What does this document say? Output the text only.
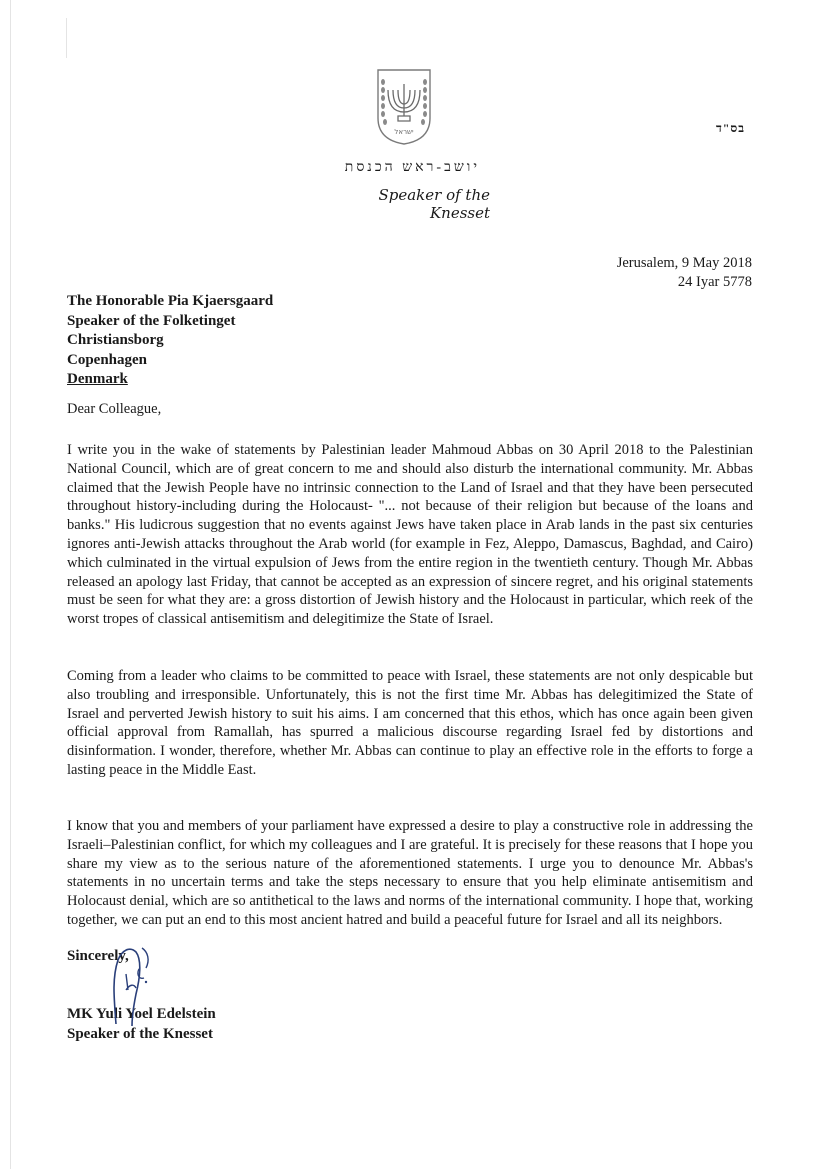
ישראל	בס"ד
יושב-ראש הכנסת
Speaker of the Knesset
Jerusalem, 9 May 2018
24 Iyar 5778
The Honorable Pia Kjaersgaard
Speaker of the Folketinget
Christiansborg
Copenhagen
Denmark
Dear Colleague,

I write you in the wake of statements by Palestinian leader Mahmoud Abbas on 30 April 2018 to the Palestinian National Council, which are of great concern to me and should also disturb the international community. Mr. Abbas claimed that the Jewish People have no intrinsic connection to the Land of Israel and that they have been persecuted throughout history-including during the Holocaust- "... not because of their religion but because of the loans and banks." His ludicrous suggestion that no events against Jews have taken place in Arab lands in the past six centuries ignores anti-Jewish attacks throughout the Arab world (for example in Fez, Aleppo, Damascus, Baghdad, and Cairo) which culminated in the virtual expulsion of Jews from the entire region in the twentieth century. Though Mr. Abbas released an apology last Friday, that cannot be accepted as an expression of sincere regret, and his original statements must be seen for what they are: a gross distortion of Jewish history and the Holocaust in particular, which reek of the worst tropes of classical antisemitism and delegitimize the State of Israel.

Coming from a leader who claims to be committed to peace with Israel, these statements are not only despicable but also troubling and irresponsible. Unfortunately, this is not the first time Mr. Abbas has delegitimized the State of Israel and perverted Jewish history to suit his aims. I am concerned that this ethos, which has once again been given official approval from Ramallah, has spurred a malicious discourse regarding Israel fed by distortions and disinformation. I wonder, therefore, whether Mr. Abbas can continue to play an effective role in the efforts to forge a lasting peace in the Middle East.

I know that you and members of your parliament have expressed a desire to play a constructive role in addressing the Israeli–Palestinian conflict, for which my colleagues and I are grateful. It is precisely for these reasons that I hope you share my view as to the serious nature of the aforementioned statements. I urge you to denounce Mr. Abbas's statements in no uncertain terms and take the steps necessary to ensure that you help eliminate antisemitism and Holocaust denial, which are so antithetical to the laws and norms of the international community. I hope that, working together, we can put an end to this most ancient hatred and build a peaceful future for Israel and all its neighbors.

Sincerely,
MK Yuli Yoel Edelstein
Speaker of the Knesset
